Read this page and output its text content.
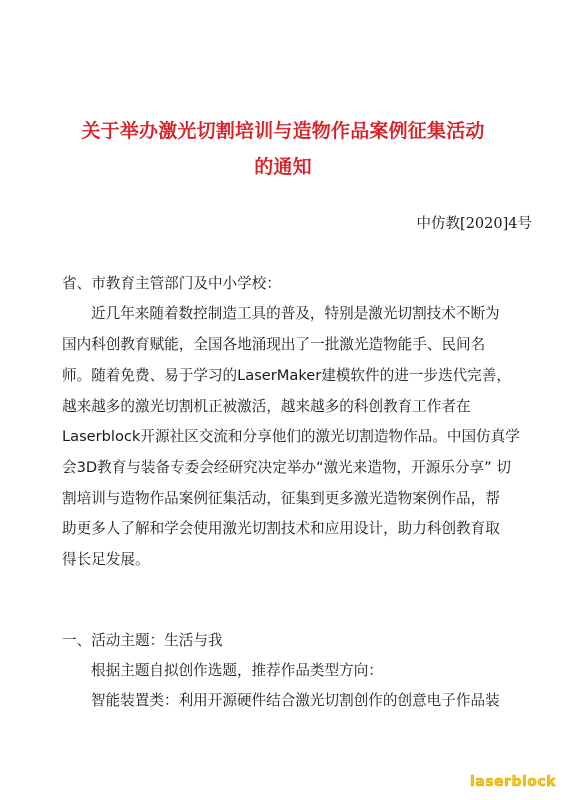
关于举办激光切割培训与造物作品案例征集活动
的通知
中仿教[2020]4号
省、市教育主管部门及中小学校：
近几年来随着数控制造工具的普及，特别是激光切割技术不断为
国内科创教育赋能，全国各地涌现出了一批激光造物能手、民间名
师。随着免费、易于学习的LaserMaker建模软件的进一步迭代完善，
越来越多的激光切割机正被激活，越来越多的科创教育工作者在
Laserblock开源社区交流和分享他们的激光切割造物作品。中国仿真学
会3D教育与装备专委会经研究决定举办“激光来造物，开源乐分享” 切
割培训与造物作品案例征集活动，征集到更多激光造物案例作品，帮
助更多人了解和学会使用激光切割技术和应用设计，助力科创教育取
得长足发展。
一、活动主题：生活与我
根据主题自拟创作选题，推荐作品类型方向：
智能装置类：利用开源硬件结合激光切割创作的创意电子作品装
laserblock
